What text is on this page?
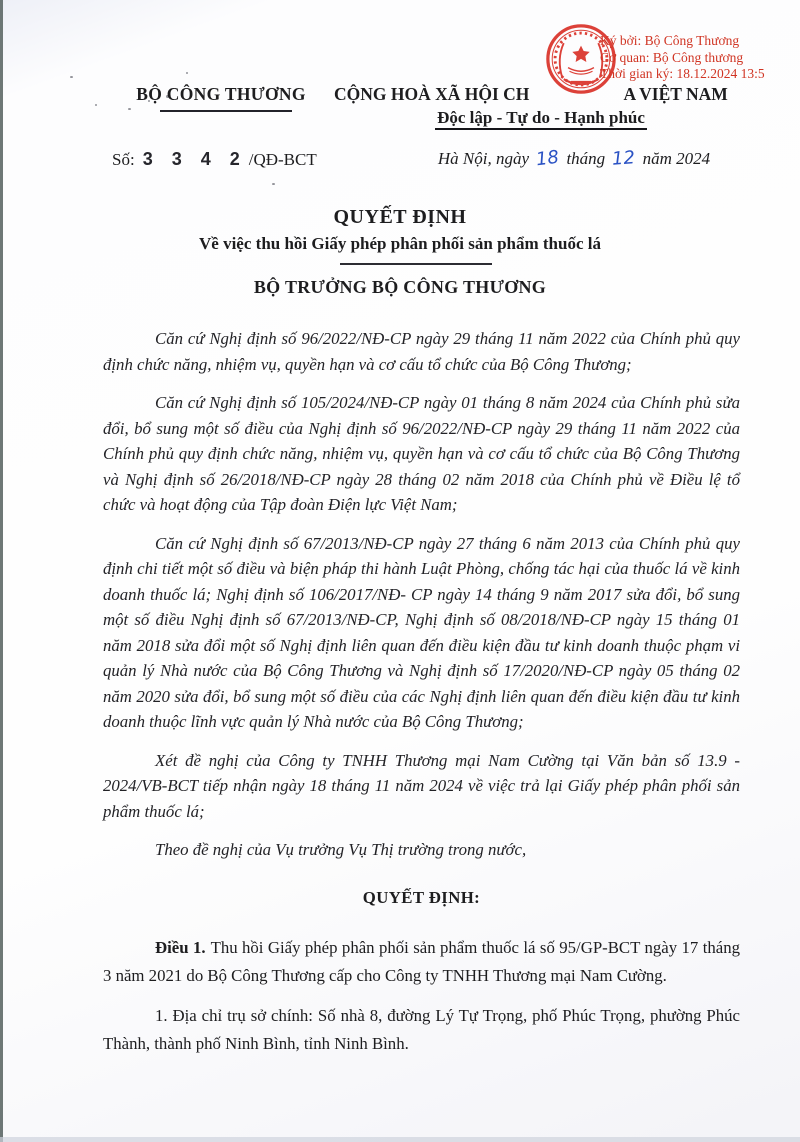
Ký bởi: Bộ Công Thương
Cơ quan: Bộ Công thương
Thời gian ký: 18.12.2024 13:5
BỘ CÔNG THƯƠNG	CỘNG HOÀ XÃ HỘI CH	A VIỆT NAM
Độc lập - Tự do - Hạnh phúc
Số: 3 3 4 2 /QĐ-BCT	Hà Nội, ngày 18 tháng 12 năm 2024
QUYẾT ĐỊNH
Về việc thu hồi Giấy phép phân phối sản phẩm thuốc lá
BỘ TRƯỞNG BỘ CÔNG THƯƠNG

Căn cứ Nghị định số 96/2022/NĐ-CP ngày 29 tháng 11 năm 2022 của Chính phủ quy định chức năng, nhiệm vụ, quyền hạn và cơ cấu tổ chức của Bộ Công Thương;

Căn cứ Nghị định số 105/2024/NĐ-CP ngày 01 tháng 8 năm 2024 của Chính phủ sửa đổi, bổ sung một số điều của Nghị định số 96/2022/NĐ-CP ngày 29 tháng 11 năm 2022 của Chính phủ quy định chức năng, nhiệm vụ, quyền hạn và cơ cấu tổ chức của Bộ Công Thương và Nghị định số 26/2018/NĐ-CP ngày 28 tháng 02 năm 2018 của Chính phủ về Điều lệ tổ chức và hoạt động của Tập đoàn Điện lực Việt Nam;

Căn cứ Nghị định số 67/2013/NĐ-CP ngày 27 tháng 6 năm 2013 của Chính phủ quy định chi tiết một số điều và biện pháp thi hành Luật Phòng, chống tác hại của thuốc lá về kinh doanh thuốc lá; Nghị định số 106/2017/NĐ- CP ngày 14 tháng 9 năm 2017 sửa đổi, bổ sung một số điều Nghị định số 67/2013/NĐ-CP, Nghị định số 08/2018/NĐ-CP ngày 15 tháng 01 năm 2018 sửa đổi một số Nghị định liên quan đến điều kiện đầu tư kinh doanh thuộc phạm vi quản lý Nhà nước của Bộ Công Thương và Nghị định số 17/2020/NĐ-CP ngày 05 tháng 02 năm 2020 sửa đổi, bổ sung một số điều của các Nghị định liên quan đến điều kiện đầu tư kinh doanh thuộc lĩnh vực quản lý Nhà nước của Bộ Công Thương;

Xét đề nghị của Công ty TNHH Thương mại Nam Cường tại Văn bản số 13.9 - 2024/VB-BCT tiếp nhận ngày 18 tháng 11 năm 2024 về việc trả lại Giấy phép phân phối sản phẩm thuốc lá;

Theo đề nghị của Vụ trưởng Vụ Thị trường trong nước,

QUYẾT ĐỊNH:

Điều 1. Thu hồi Giấy phép phân phối sản phẩm thuốc lá số 95/GP-BCT ngày 17 tháng 3 năm 2021 do Bộ Công Thương cấp cho Công ty TNHH Thương mại Nam Cường.

1. Địa chỉ trụ sở chính: Số nhà 8, đường Lý Tự Trọng, phố Phúc Trọng, phường Phúc Thành, thành phố Ninh Bình, tỉnh Ninh Bình.
